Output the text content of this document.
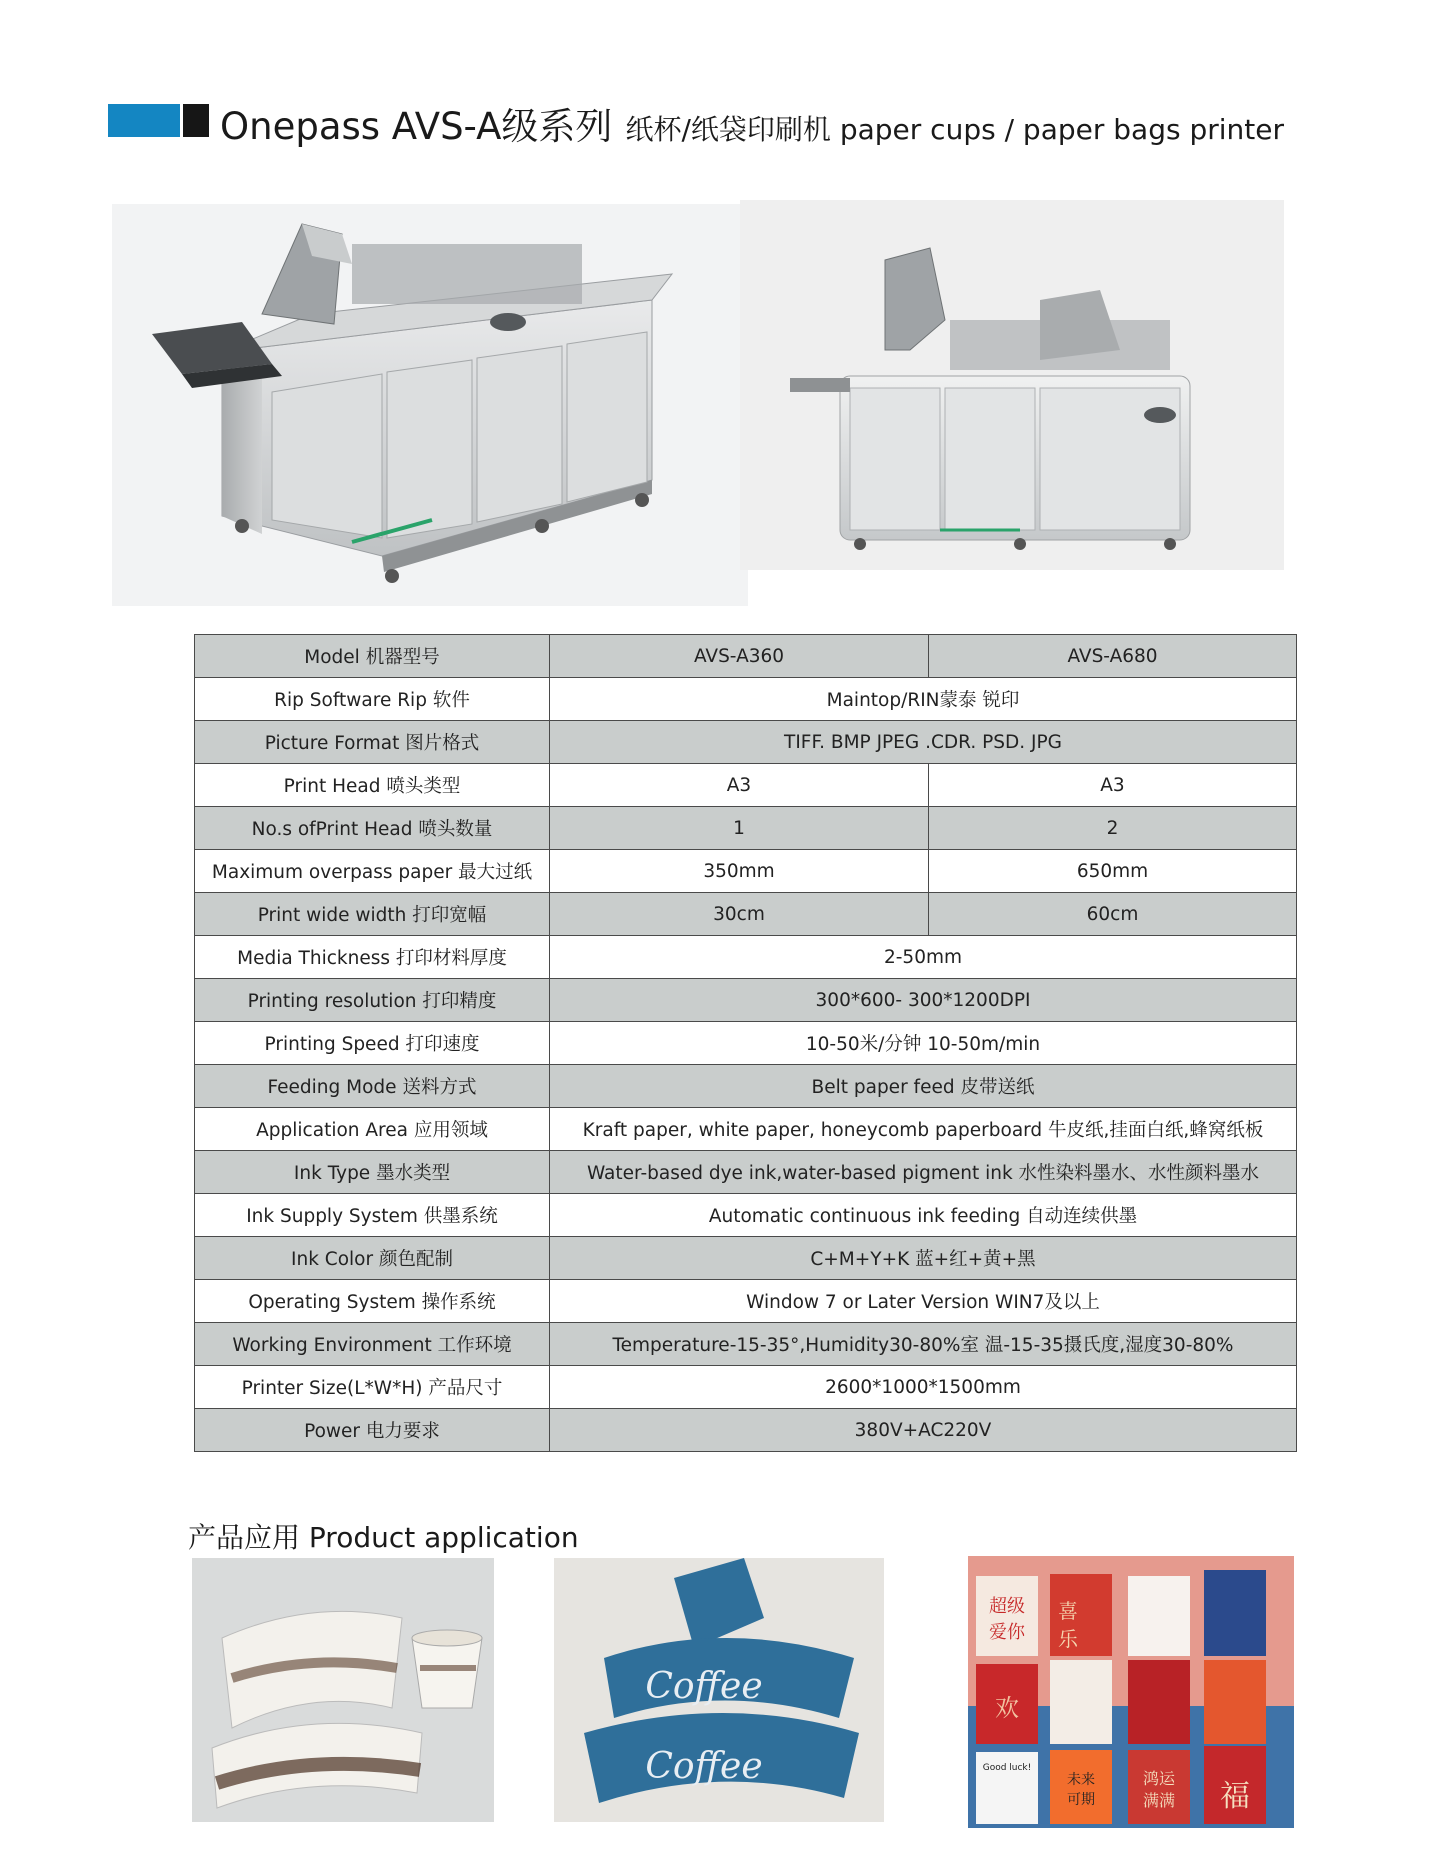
Onepass AVS-A级系列 纸杯/纸袋印刷机 paper cups / paper bags printer
Model 机器型号	AVS-A360	AVS-A680
Rip Software Rip 软件	Maintop/RIN蒙泰 锐印	
Picture Format 图片格式	TIFF. BMP JPEG .CDR. PSD. JPG	
Print Head 喷头类型	A3	A3
No.s ofPrint Head 喷头数量	1	2
Maximum overpass paper 最大过纸	350mm	650mm
Print wide width 打印宽幅	30cm	60cm
Media Thickness 打印材料厚度	2-50mm	
Printing resolution 打印精度	300*600- 300*1200DPI	
Printing Speed 打印速度	10-50米/分钟 10-50m/min	
Feeding Mode 送料方式	Belt paper feed 皮带送纸	
Application Area 应用领域	Kraft paper, white paper, honeycomb paperboard 牛皮纸,挂面白纸,蜂窝纸板	
Ink Type 墨水类型	Water-based dye ink,water-based pigment ink 水性染料墨水、水性颜料墨水	
Ink Supply System 供墨系统	Automatic continuous ink feeding 自动连续供墨	
Ink Color 颜色配制	C+M+Y+K 蓝+红+黄+黑	
Operating System 操作系统	Window 7 or Later Version WIN7及以上	
Working Environment 工作环境	Temperature-15-35°,Humidity30-80%室 温-15-35摄氏度,湿度30-80%	
Printer Size(L*W*H) 产品尺寸	2600*1000*1500mm	
Power 电力要求	380V+AC220V	
产品应用 Product application
Coffee
Coffee
超级
爱你
喜
乐
欢
福
未来
可期
鸿运
满满
Good luck!
